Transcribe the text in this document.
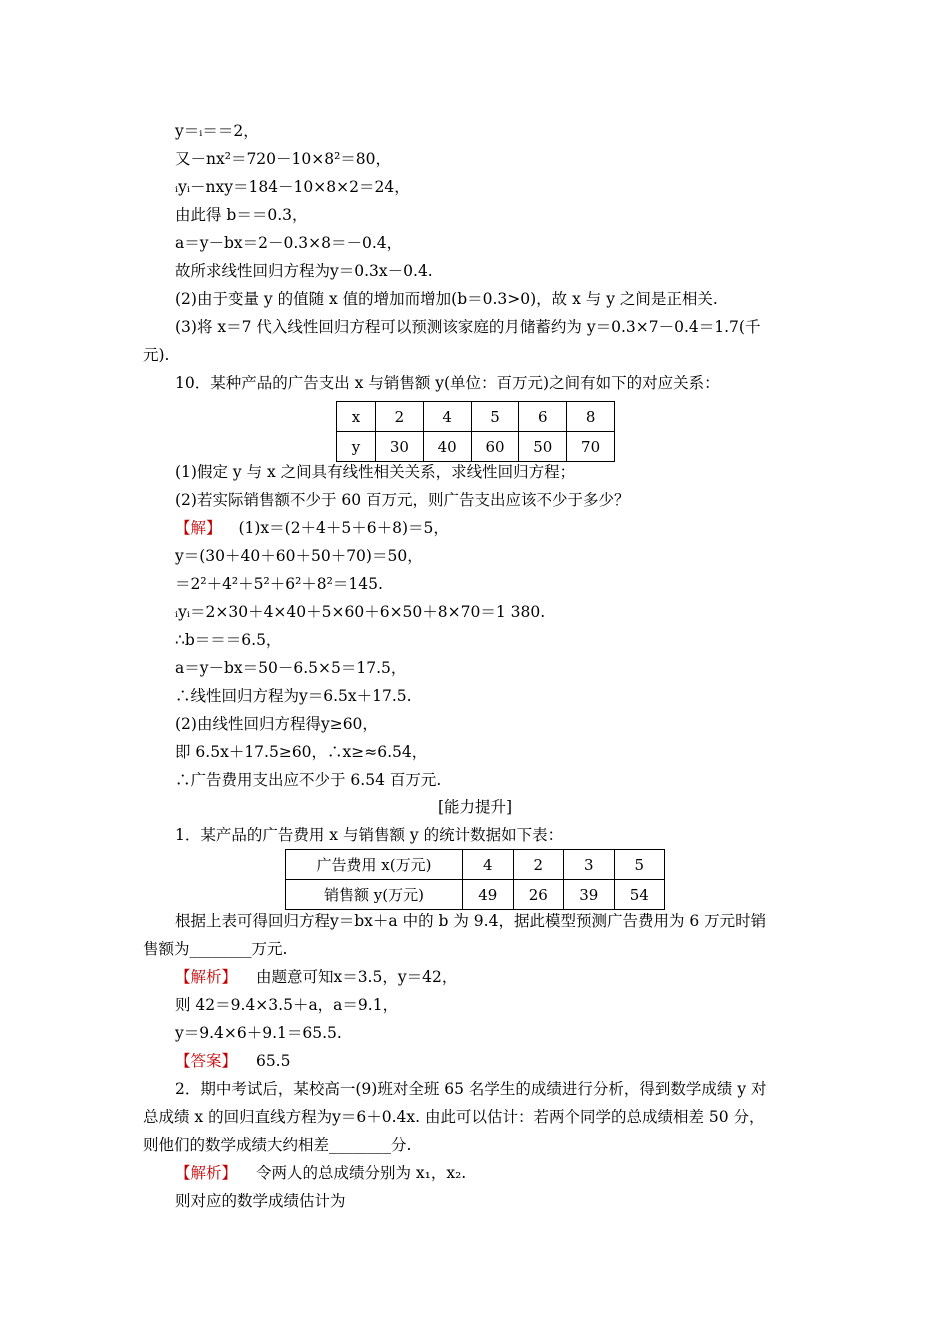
y＝ᵢ＝＝2，
又－nx²＝720－10×8²＝80，
ᵢyᵢ－nxy＝184－10×8×2＝24，
由此得 b＝＝0.3，
a＝y－bx＝2－0.3×8＝－0.4，
故所求线性回归方程为y＝0.3x－0.4.
(2)由于变量 y 的值随 x 值的增加而增加(b＝0.3>0)，故 x 与 y 之间是正相关.
(3)将 x＝7 代入线性回归方程可以预测该家庭的月储蓄约为 y＝0.3×7－0.4＝1.7(千
元).
10．某种产品的广告支出 x 与销售额 y(单位：百万元)之间有如下的对应关系：
x	2	4	5	6	8
y	30	40	60	50	70
(1)假定 y 与 x 之间具有线性相关关系，求线性回归方程；
(2)若实际销售额不少于 60 百万元，则广告支出应该不少于多少？
【解】 (1)x＝(2＋4＋5＋6＋8)＝5，
y＝(30＋40＋60＋50＋70)＝50，
＝2²＋4²＋5²＋6²＋8²＝145.
ᵢyᵢ＝2×30＋4×40＋5×60＋6×50＋8×70＝1 380.
∴b＝＝＝6.5，
a＝y－bx＝50－6.5×5＝17.5，
∴线性回归方程为y＝6.5x＋17.5.
(2)由线性回归方程得y≥60，
即 6.5x＋17.5≥60，∴x≥≈6.54，
∴广告费用支出应不少于 6.54 百万元.
[能力提升]
1．某产品的广告费用 x 与销售额 y 的统计数据如下表：
广告费用 x(万元)	4	2	3	5
销售额 y(万元)	49	26	39	54
根据上表可得回归方程y＝bx＋a 中的 b 为 9.4，据此模型预测广告费用为 6 万元时销
售额为________万元.
【解析】 由题意可知x＝3.5，y＝42，
则 42＝9.4×3.5＋a，a＝9.1，
y＝9.4×6＋9.1＝65.5.
【答案】 65.5
2．期中考试后，某校高一(9)班对全班 65 名学生的成绩进行分析，得到数学成绩 y 对
总成绩 x 的回归直线方程为y＝6＋0.4x. 由此可以估计：若两个同学的总成绩相差 50 分，
则他们的数学成绩大约相差________分.
【解析】 令两人的总成绩分别为 x₁，x₂.
则对应的数学成绩估计为
